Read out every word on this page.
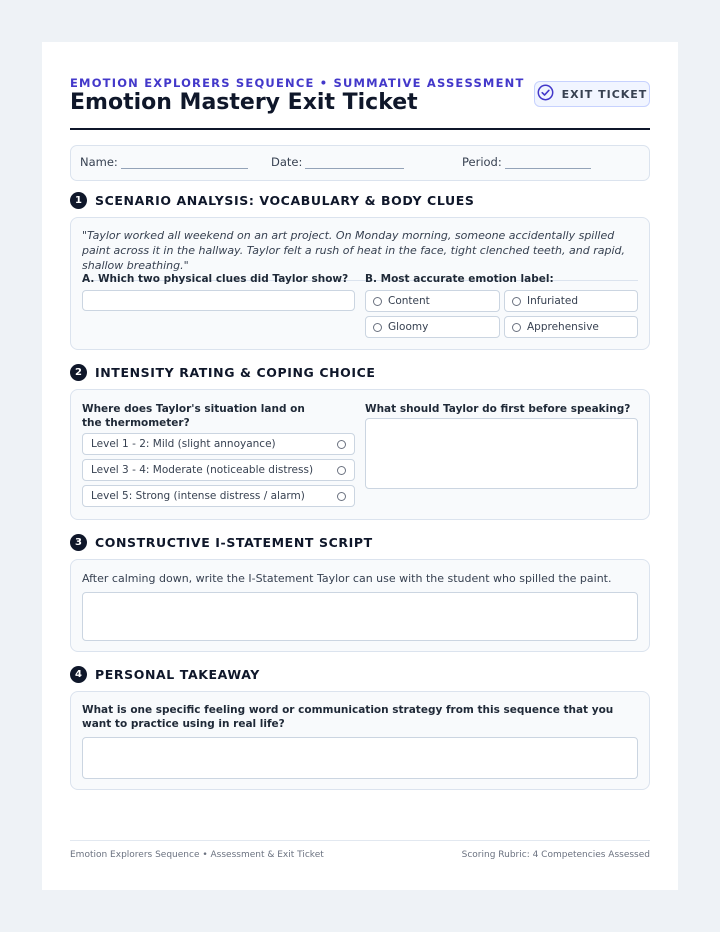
EMOTION EXPLORERS SEQUENCE • SUMMATIVE ASSESSMENT
Emotion Mastery Exit Ticket	EXIT TICKET
Name:	Date:	Period:
1	SCENARIO ANALYSIS: VOCABULARY & BODY CLUES
"Taylor worked all weekend on an art project. On Monday morning, someone accidentally spilled paint across it in the hallway. Taylor felt a rush of heat in the face, tight clenched teeth, and rapid, shallow breathing."
A. Which two physical clues did Taylor show? B. Most accurate emotion label:
Content	Infuriated
Gloomy	Apprehensive
2	INTENSITY RATING & COPING CHOICE
Where does Taylor's situation land on the thermometer?
Level 1 - 2: Mild (slight annoyance)
Level 3 - 4: Moderate (noticeable distress)
Level 5: Strong (intense distress / alarm)
What should Taylor do first before speaking?
3	CONSTRUCTIVE I-STATEMENT SCRIPT
After calming down, write the I-Statement Taylor can use with the student who spilled the paint.
4	PERSONAL TAKEAWAY
What is one specific feeling word or communication strategy from this sequence that you want to practice using in real life?
Emotion Explorers Sequence • Assessment & Exit Ticket	Scoring Rubric: 4 Competencies Assessed
